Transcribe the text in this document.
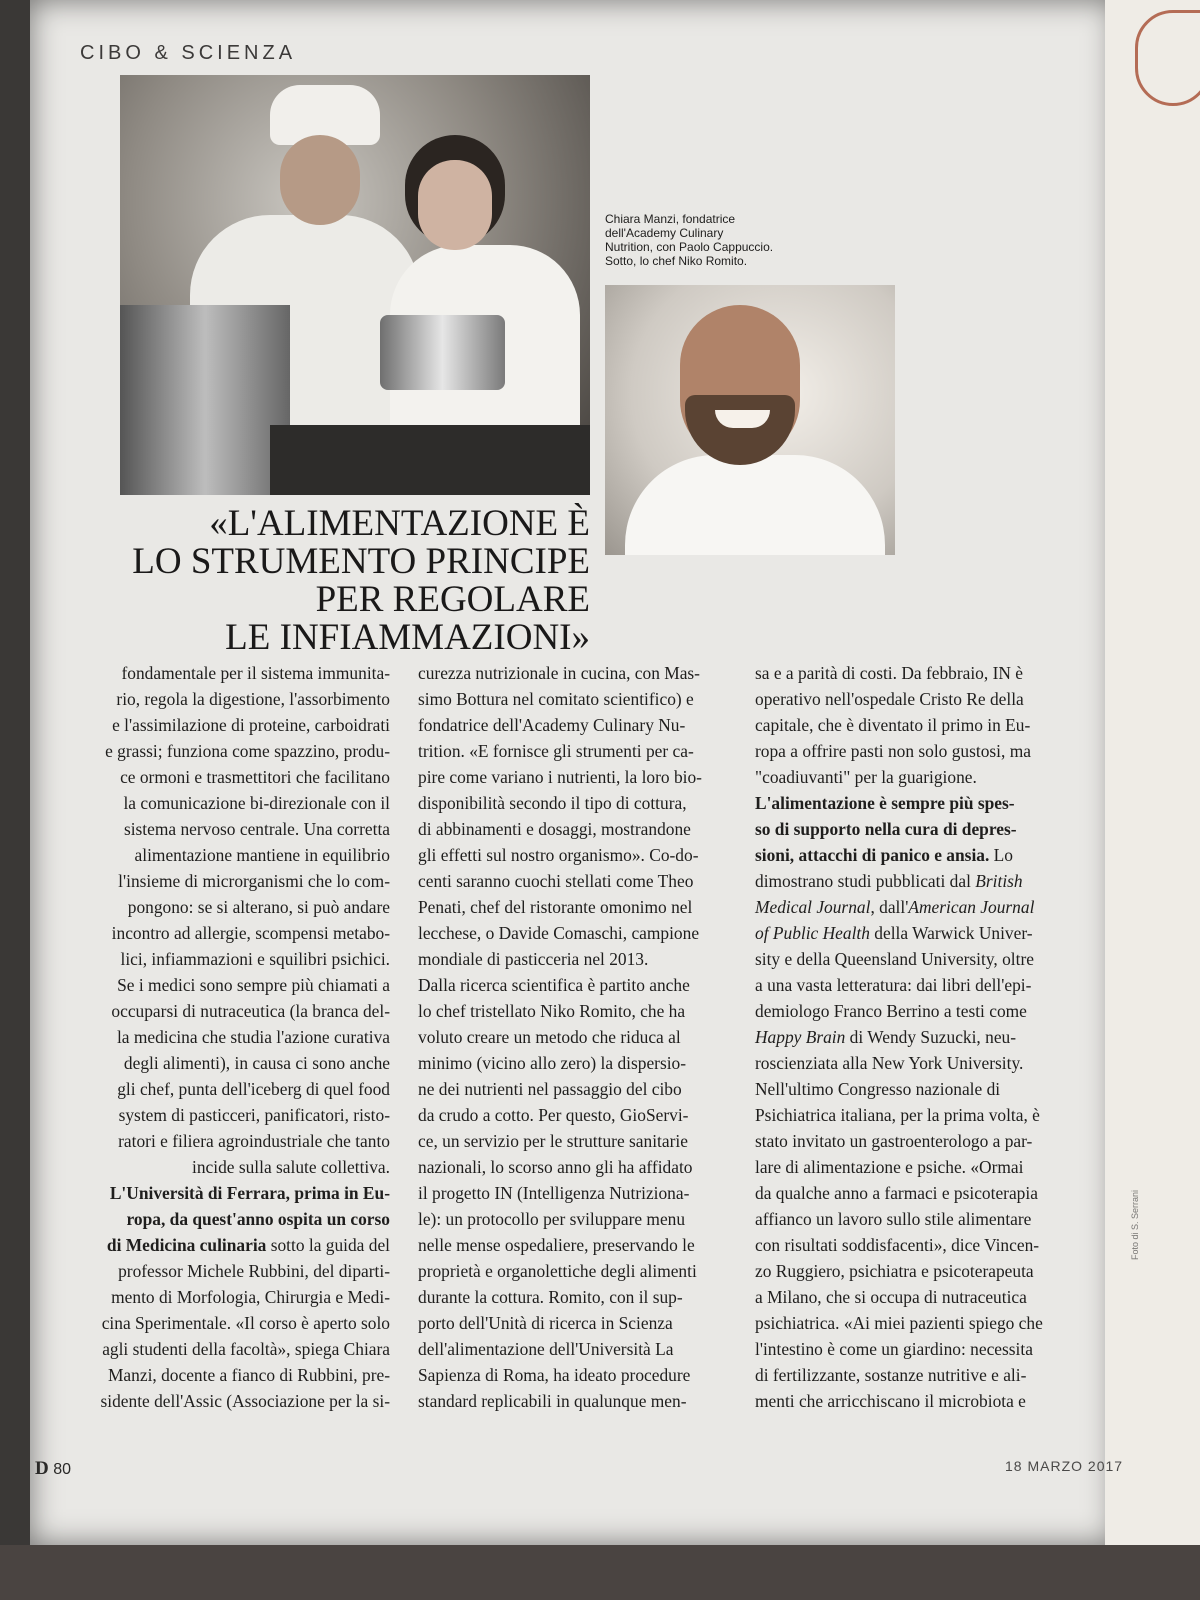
CIBO & SCIENZA
Chiara Manzi, fondatrice
dell'Academy Culinary
Nutrition, con Paolo Cappuccio.
Sotto, lo chef Niko Romito.
«L'ALIMENTAZIONE È
LO STRUMENTO PRINCIPE
PER REGOLARE
LE INFIAMMAZIONI»
fondamentale per il sistema immunita-
rio, regola la digestione, l'assorbimento
e l'assimilazione di proteine, carboidrati
e grassi; funziona come spazzino, produ-
ce ormoni e trasmettitori che facilitano
la comunicazione bi-direzionale con il
sistema nervoso centrale. Una corretta
alimentazione mantiene in equilibrio
l'insieme di microrganismi che lo com-
pongono: se si alterano, si può andare
incontro ad allergie, scompensi metabo-
lici, infiammazioni e squilibri psichici.
Se i medici sono sempre più chiamati a
occuparsi di nutraceutica (la branca del-
la medicina che studia l'azione curativa
degli alimenti), in causa ci sono anche
gli chef, punta dell'iceberg di quel food
system di pasticceri, panificatori, risto-
ratori e filiera agroindustriale che tanto
incide sulla salute collettiva.
L'Università di Ferrara, prima in Eu-
ropa, da quest'anno ospita un corso
di Medicina culinaria sotto la guida del
professor Michele Rubbini, del diparti-
mento di Morfologia, Chirurgia e Medi-
cina Sperimentale. «Il corso è aperto solo
agli studenti della facoltà», spiega Chiara
Manzi, docente a fianco di Rubbini, pre-
sidente dell'Assic (Associazione per la si-
curezza nutrizionale in cucina, con Mas-
simo Bottura nel comitato scientifico) e
fondatrice dell'Academy Culinary Nu-
trition. «E fornisce gli strumenti per ca-
pire come variano i nutrienti, la loro bio-
disponibilità secondo il tipo di cottura,
di abbinamenti e dosaggi, mostrandone
gli effetti sul nostro organismo». Co-do-
centi saranno cuochi stellati come Theo
Penati, chef del ristorante omonimo nel
lecchese, o Davide Comaschi, campione
mondiale di pasticceria nel 2013.
Dalla ricerca scientifica è partito anche
lo chef tristellato Niko Romito, che ha
voluto creare un metodo che riduca al
minimo (vicino allo zero) la dispersio-
ne dei nutrienti nel passaggio del cibo
da crudo a cotto. Per questo, GioServi-
ce, un servizio per le strutture sanitarie
nazionali, lo scorso anno gli ha affidato
il progetto IN (Intelligenza Nutriziona-
le): un protocollo per sviluppare menu
nelle mense ospedaliere, preservando le
proprietà e organolettiche degli alimenti
durante la cottura. Romito, con il sup-
porto dell'Unità di ricerca in Scienza
dell'alimentazione dell'Università La
Sapienza di Roma, ha ideato procedure
standard replicabili in qualunque men-
sa e a parità di costi. Da febbraio, IN è
operativo nell'ospedale Cristo Re della
capitale, che è diventato il primo in Eu-
ropa a offrire pasti non solo gustosi, ma
"coadiuvanti" per la guarigione.
L'alimentazione è sempre più spes-
so di supporto nella cura di depres-
sioni, attacchi di panico e ansia. Lo
dimostrano studi pubblicati dal British
Medical Journal, dall'American Journal
of Public Health della Warwick Univer-
sity e della Queensland University, oltre
a una vasta letteratura: dai libri dell'epi-
demiologo Franco Berrino a testi come
Happy Brain di Wendy Suzucki, neu-
roscienziata alla New York University.
Nell'ultimo Congresso nazionale di
Psichiatrica italiana, per la prima volta, è
stato invitato un gastroenterologo a par-
lare di alimentazione e psiche. «Ormai
da qualche anno a farmaci e psicoterapia
affianco un lavoro sullo stile alimentare
con risultati soddisfacenti», dice Vincen-
zo Ruggiero, psichiatra e psicoterapeuta
a Milano, che si occupa di nutraceutica
psichiatrica. «Ai miei pazienti spiego che
l'intestino è come un giardino: necessita
di fertilizzante, sostanze nutritive e ali-
menti che arricchiscano il microbiota e
D 80	18 MARZO 2017
Foto di S. Serrani
